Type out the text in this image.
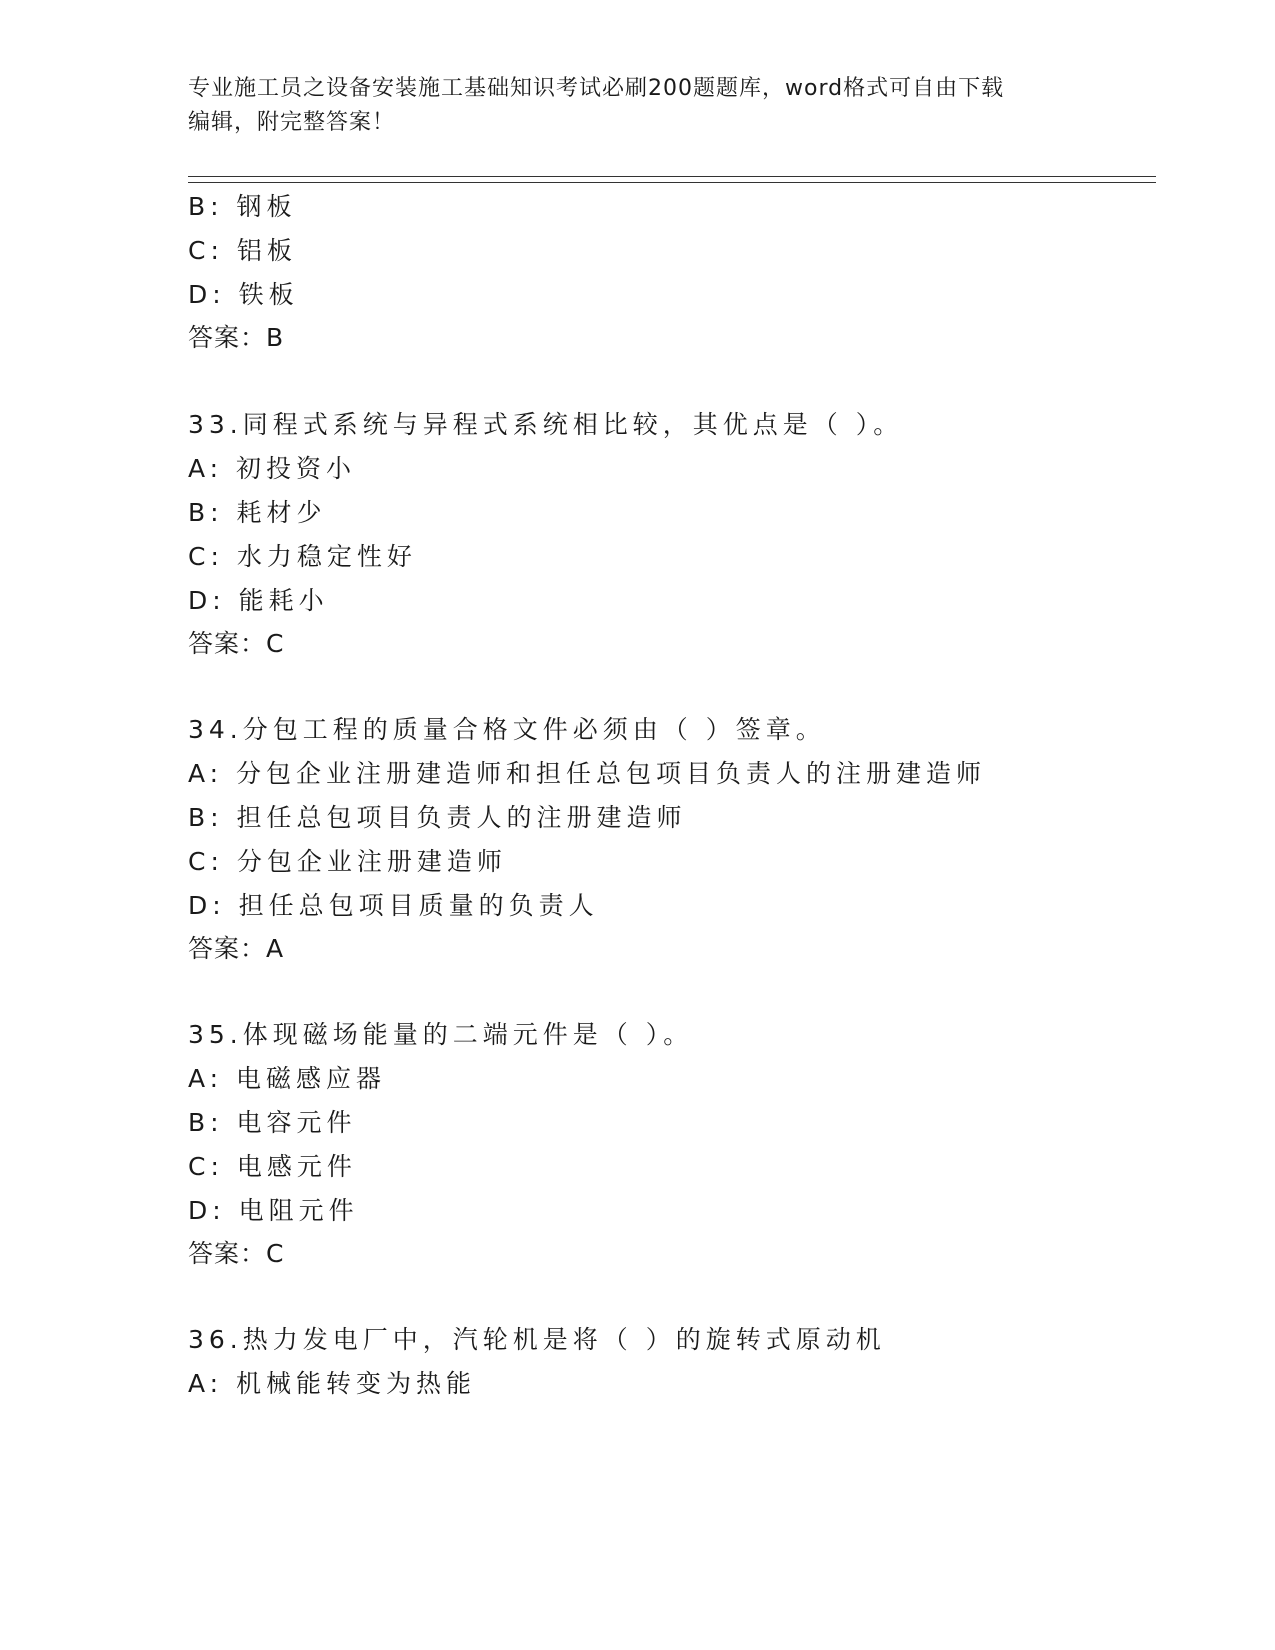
专业施工员之设备安装施工基础知识考试必刷200题题库，word格式可自由下载
编辑，附完整答案！
B: 钢板
C: 铝板
D: 铁板
答案：B
33.同程式系统与异程式系统相比较，其优点是（ ）。
A: 初投资小
B: 耗材少
C: 水力稳定性好
D: 能耗小
答案：C
34.分包工程的质量合格文件必须由（ ）签章。
A: 分包企业注册建造师和担任总包项目负责人的注册建造师
B: 担任总包项目负责人的注册建造师
C: 分包企业注册建造师
D: 担任总包项目质量的负责人
答案：A
35.体现磁场能量的二端元件是（ ）。
A: 电磁感应器
B: 电容元件
C: 电感元件
D: 电阻元件
答案：C
36.热力发电厂中，汽轮机是将（ ）的旋转式原动机
A: 机械能转变为热能
